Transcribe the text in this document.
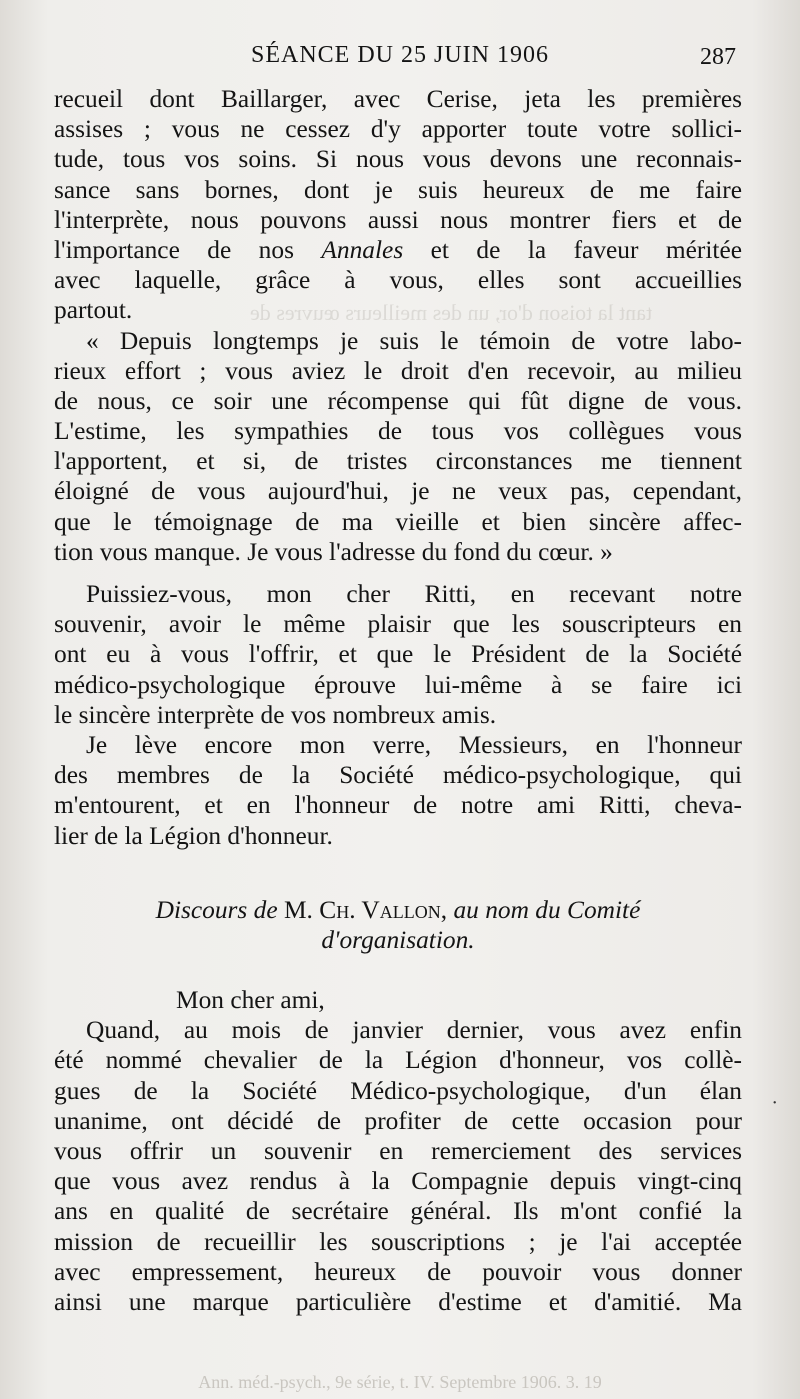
tant la toison d'or, un des meilleurs œuvres de
SÉANCE DU 25 JUIN 1906	287
recueil dont Baillarger, avec Cerise, jeta les premières
assises ; vous ne cessez d'y apporter toute votre sollici-
tude, tous vos soins. Si nous vous devons une reconnais-
sance sans bornes, dont je suis heureux de me faire
l'interprète, nous pouvons aussi nous montrer fiers et de
l'importance de nos Annales et de la faveur méritée
avec laquelle, grâce à vous, elles sont accueillies
partout.
« Depuis longtemps je suis le témoin de votre labo-
rieux effort ; vous aviez le droit d'en recevoir, au milieu
de nous, ce soir une récompense qui fût digne de vous.
L'estime, les sympathies de tous vos collègues vous
l'apportent, et si, de tristes circonstances me tiennent
éloigné de vous aujourd'hui, je ne veux pas, cependant,
que le témoignage de ma vieille et bien sincère affec-
tion vous manque. Je vous l'adresse du fond du cœur. »
Puissiez-vous, mon cher Ritti, en recevant notre
souvenir, avoir le même plaisir que les souscripteurs en
ont eu à vous l'offrir, et que le Président de la Société
médico-psychologique éprouve lui-même à se faire ici
le sincère interprète de vos nombreux amis.
Je lève encore mon verre, Messieurs, en l'honneur
des membres de la Société médico-psychologique, qui
m'entourent, et en l'honneur de notre ami Ritti, cheva-
lier de la Légion d'honneur.
Discours de M. Ch. Vallon, au nom du Comité
d'organisation.
Mon cher ami,
Quand, au mois de janvier dernier, vous avez enfin
été nommé chevalier de la Légion d'honneur, vos collè-
gues de la Société Médico-psychologique, d'un élan
unanime, ont décidé de profiter de cette occasion pour
vous offrir un souvenir en remerciement des services
que vous avez rendus à la Compagnie depuis vingt-cinq
ans en qualité de secrétaire général. Ils m'ont confié la
mission de recueillir les souscriptions ; je l'ai acceptée
avec empressement, heureux de pouvoir vous donner
ainsi une marque particulière d'estime et d'amitié. Ma
·
Ann. méd.-psych., 9e série, t. IV. Septembre 1906. 3. 19
